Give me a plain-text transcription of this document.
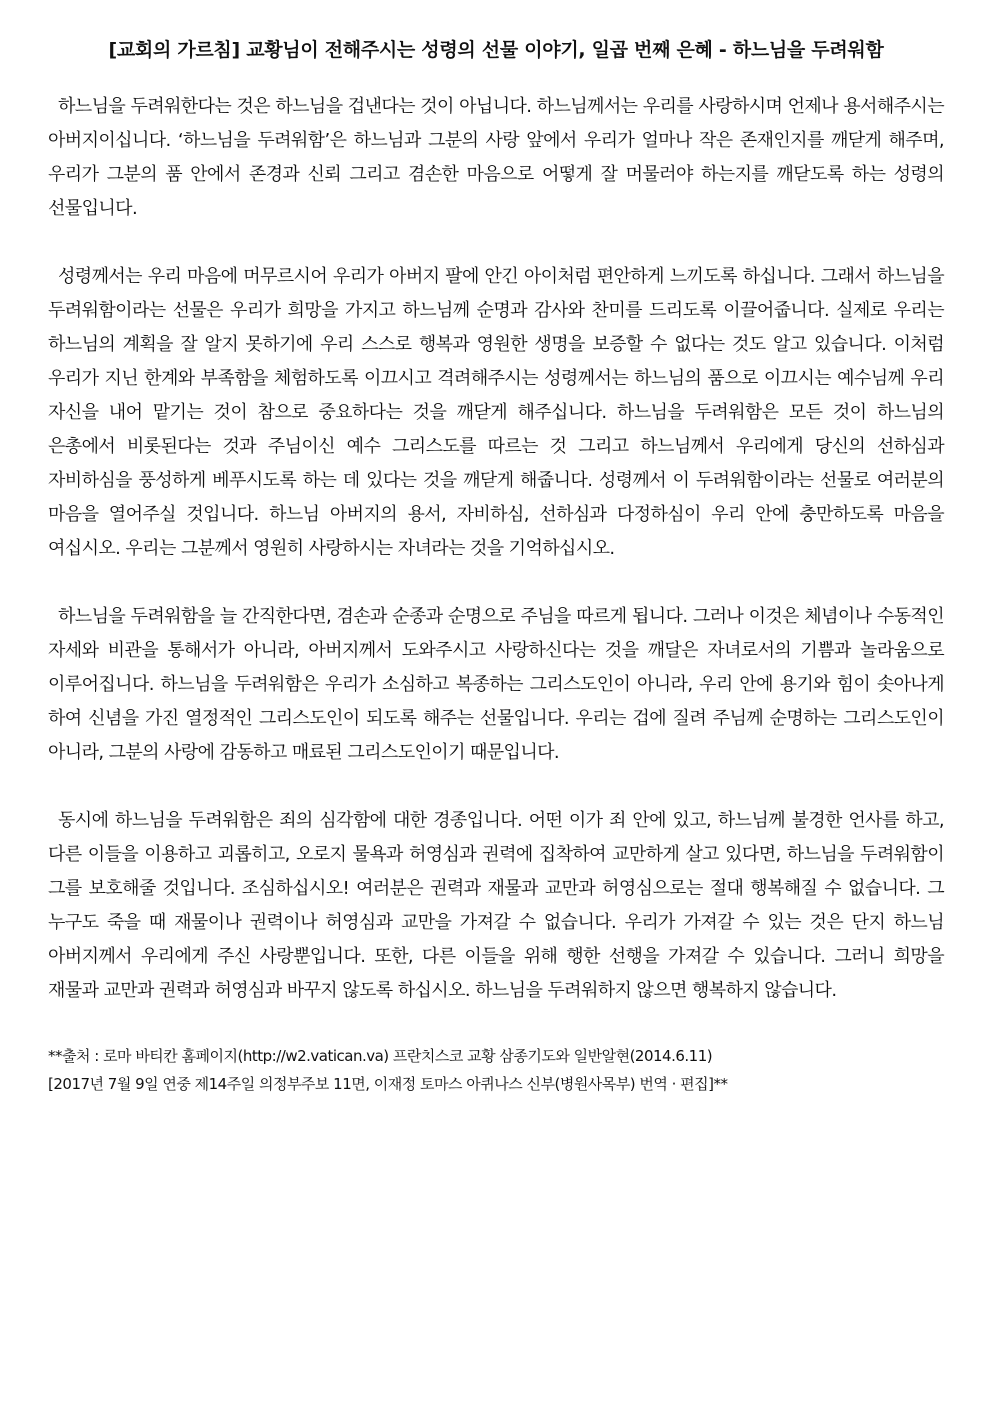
[교회의 가르침] 교황님이 전해주시는 성령의 선물 이야기, 일곱 번째 은혜 - 하느님을 두려워함

하느님을 두려워한다는 것은 하느님을 겁낸다는 것이 아닙니다. 하느님께서는 우리를 사랑하시며 언제나 용서해주시는 아버지이십니다. ‘하느님을 두려워함’은 하느님과 그분의 사랑 앞에서 우리가 얼마나 작은 존재인지를 깨닫게 해주며, 우리가 그분의 품 안에서 존경과 신뢰 그리고 겸손한 마음으로 어떻게 잘 머물러야 하는지를 깨닫도록 하는 성령의 선물입니다.

성령께서는 우리 마음에 머무르시어 우리가 아버지 팔에 안긴 아이처럼 편안하게 느끼도록 하십니다. 그래서 하느님을 두려워함이라는 선물은 우리가 희망을 가지고 하느님께 순명과 감사와 찬미를 드리도록 이끌어줍니다. 실제로 우리는 하느님의 계획을 잘 알지 못하기에 우리 스스로 행복과 영원한 생명을 보증할 수 없다는 것도 알고 있습니다. 이처럼 우리가 지닌 한계와 부족함을 체험하도록 이끄시고 격려해주시는 성령께서는 하느님의 품으로 이끄시는 예수님께 우리 자신을 내어 맡기는 것이 참으로 중요하다는 것을 깨닫게 해주십니다. 하느님을 두려워함은 모든 것이 하느님의 은총에서 비롯된다는 것과 주님이신 예수 그리스도를 따르는 것 그리고 하느님께서 우리에게 당신의 선하심과 자비하심을 풍성하게 베푸시도록 하는 데 있다는 것을 깨닫게 해줍니다. 성령께서 이 두려워함이라는 선물로 여러분의 마음을 열어주실 것입니다. 하느님 아버지의 용서, 자비하심, 선하심과 다정하심이 우리 안에 충만하도록 마음을 여십시오. 우리는 그분께서 영원히 사랑하시는 자녀라는 것을 기억하십시오.

하느님을 두려워함을 늘 간직한다면, 겸손과 순종과 순명으로 주님을 따르게 됩니다. 그러나 이것은 체념이나 수동적인 자세와 비관을 통해서가 아니라, 아버지께서 도와주시고 사랑하신다는 것을 깨달은 자녀로서의 기쁨과 놀라움으로 이루어집니다. 하느님을 두려워함은 우리가 소심하고 복종하는 그리스도인이 아니라, 우리 안에 용기와 힘이 솟아나게 하여 신념을 가진 열정적인 그리스도인이 되도록 해주는 선물입니다. 우리는 겁에 질려 주님께 순명하는 그리스도인이 아니라, 그분의 사랑에 감동하고 매료된 그리스도인이기 때문입니다.

동시에 하느님을 두려워함은 죄의 심각함에 대한 경종입니다. 어떤 이가 죄 안에 있고, 하느님께 불경한 언사를 하고, 다른 이들을 이용하고 괴롭히고, 오로지 물욕과 허영심과 권력에 집착하여 교만하게 살고 있다면, 하느님을 두려워함이 그를 보호해줄 것입니다. 조심하십시오! 여러분은 권력과 재물과 교만과 허영심으로는 절대 행복해질 수 없습니다. 그 누구도 죽을 때 재물이나 권력이나 허영심과 교만을 가져갈 수 없습니다. 우리가 가져갈 수 있는 것은 단지 하느님 아버지께서 우리에게 주신 사랑뿐입니다. 또한, 다른 이들을 위해 행한 선행을 가져갈 수 있습니다. 그러니 희망을 재물과 교만과 권력과 허영심과 바꾸지 않도록 하십시오. 하느님을 두려워하지 않으면 행복하지 않습니다.

**출처 : 로마 바티칸 홈페이지(http://w2.vatican.va) 프란치스코 교황 삼종기도와 일반알현(2014.6.11)
[2017년 7월 9일 연중 제14주일 의정부주보 11면, 이재정 토마스 아퀴나스 신부(병원사목부) 번역 · 편집]**
